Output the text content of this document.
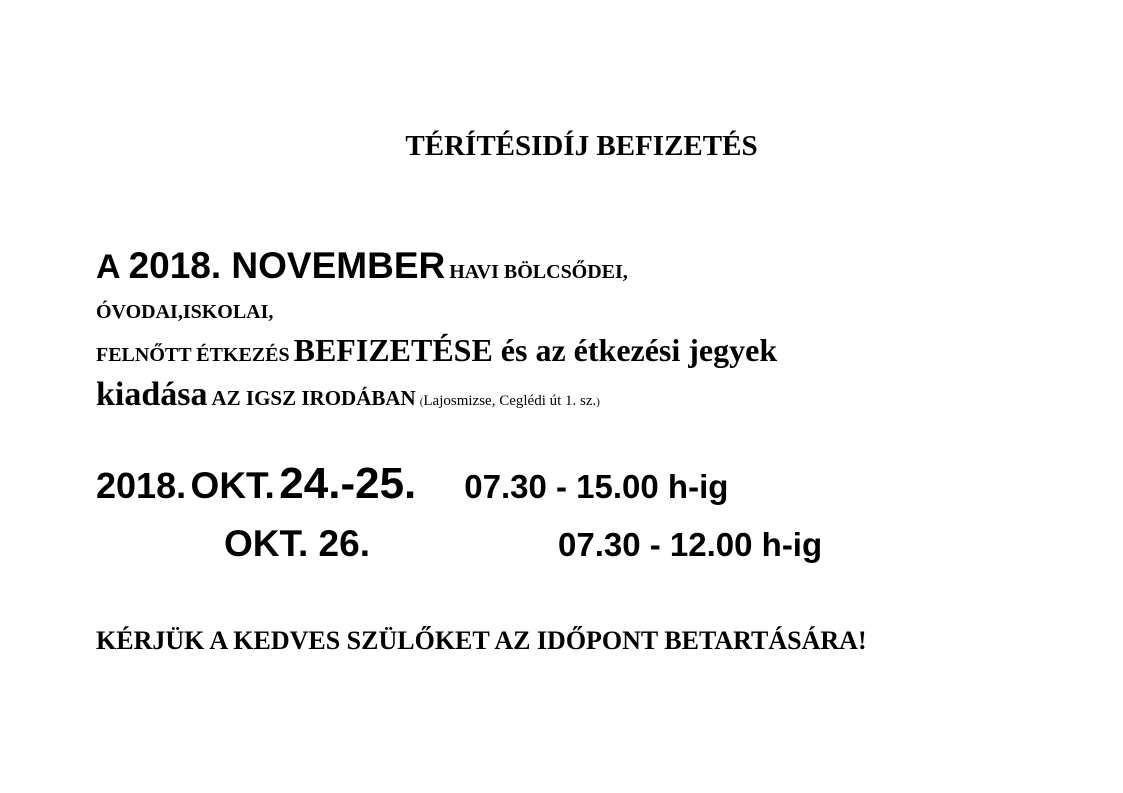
TÉRÍTÉSIDÍJ BEFIZETÉS
A 2018. NOVEMBER HAVI BÖLCSŐDEI,
ÓVODAI,ISKOLAI,
FELNŐTT ÉTKEZÉS BEFIZETÉSE és az étkezési jegyek
kiadása AZ IGSZ IRODÁBAN (Lajosmizse, Ceglédi út 1. sz.)
2018. OKT. 24.-25. 07.30 - 15.00 h-ig
OKT. 26.	07.30 - 12.00 h-ig
KÉRJÜK A KEDVES SZÜLŐKET AZ IDŐPONT BETARTÁSÁRA!
